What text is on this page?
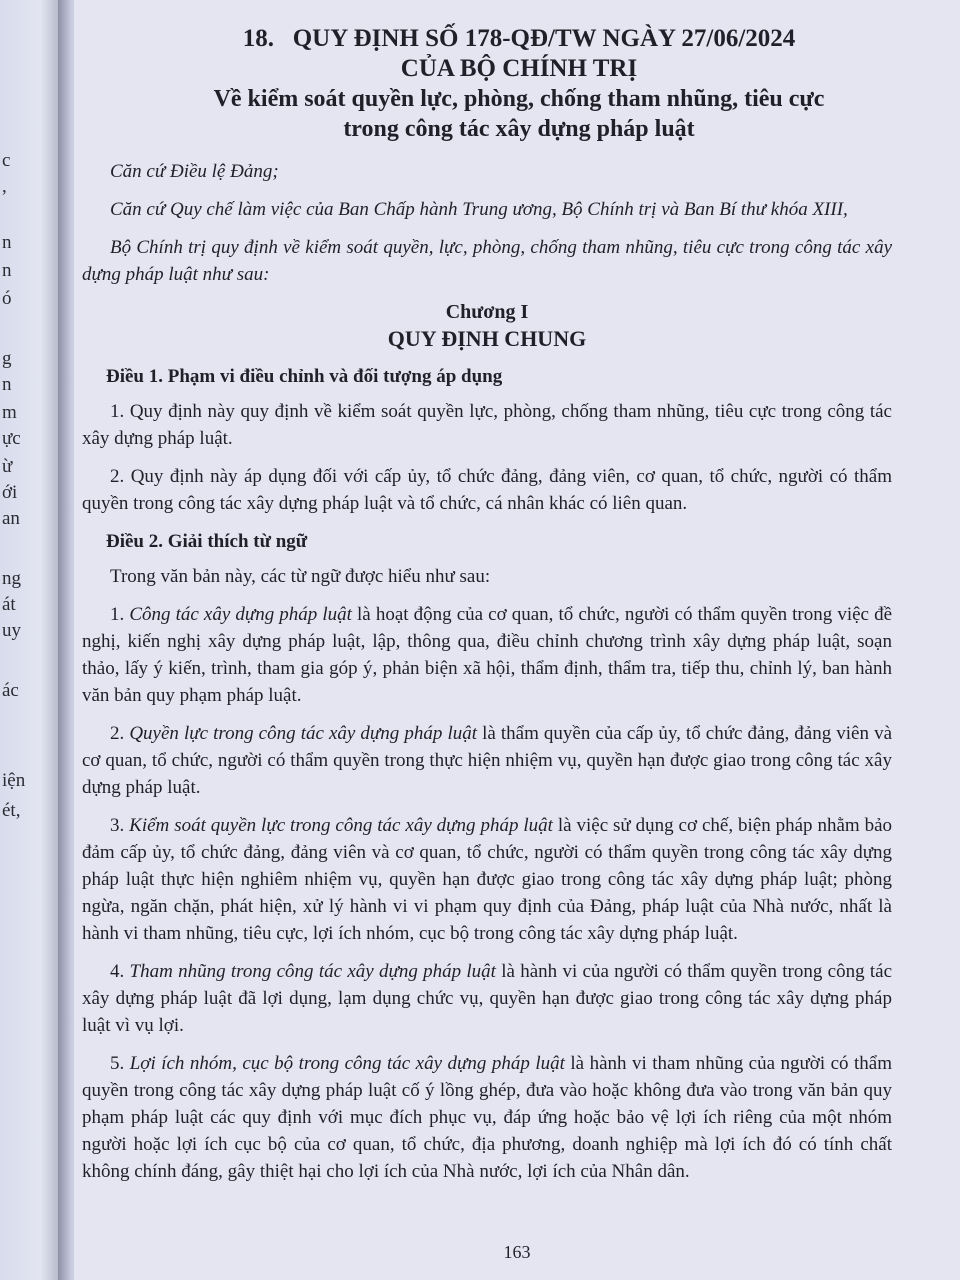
c
,
n
n
ó
g
n
m
ực
ừ
ới
an
ng
át
uy
ác
iện
ét,
18. QUY ĐỊNH SỐ 178-QĐ/TW NGÀY 27/06/2024
CỦA BỘ CHÍNH TRỊ
Về kiểm soát quyền lực, phòng, chống tham nhũng, tiêu cực
trong công tác xây dựng pháp luật

Căn cứ Điều lệ Đảng;

Căn cứ Quy chế làm việc của Ban Chấp hành Trung ương, Bộ Chính trị và Ban Bí thư khóa XIII,

Bộ Chính trị quy định về kiểm soát quyền, lực, phòng, chống tham nhũng, tiêu cực trong công tác xây dựng pháp luật như sau:

Chương I
QUY ĐỊNH CHUNG
Điều 1. Phạm vi điều chỉnh và đối tượng áp dụng

1. Quy định này quy định về kiểm soát quyền lực, phòng, chống tham nhũng, tiêu cực trong công tác xây dựng pháp luật.

2. Quy định này áp dụng đối với cấp ủy, tổ chức đảng, đảng viên, cơ quan, tổ chức, người có thẩm quyền trong công tác xây dựng pháp luật và tổ chức, cá nhân khác có liên quan.

Điều 2. Giải thích từ ngữ

Trong văn bản này, các từ ngữ được hiểu như sau:

1. Công tác xây dựng pháp luật là hoạt động của cơ quan, tổ chức, người có thẩm quyền trong việc đề nghị, kiến nghị xây dựng pháp luật, lập, thông qua, điều chỉnh chương trình xây dựng pháp luật, soạn thảo, lấy ý kiến, trình, tham gia góp ý, phản biện xã hội, thẩm định, thẩm tra, tiếp thu, chỉnh lý, ban hành văn bản quy phạm pháp luật.

2. Quyền lực trong công tác xây dựng pháp luật là thẩm quyền của cấp ủy, tổ chức đảng, đảng viên và cơ quan, tổ chức, người có thẩm quyền trong thực hiện nhiệm vụ, quyền hạn được giao trong công tác xây dựng pháp luật.

3. Kiểm soát quyền lực trong công tác xây dựng pháp luật là việc sử dụng cơ chế, biện pháp nhằm bảo đảm cấp ủy, tổ chức đảng, đảng viên và cơ quan, tổ chức, người có thẩm quyền trong công tác xây dựng pháp luật thực hiện nghiêm nhiệm vụ, quyền hạn được giao trong công tác xây dựng pháp luật; phòng ngừa, ngăn chặn, phát hiện, xử lý hành vi vi phạm quy định của Đảng, pháp luật của Nhà nước, nhất là hành vi tham nhũng, tiêu cực, lợi ích nhóm, cục bộ trong công tác xây dựng pháp luật.

4. Tham nhũng trong công tác xây dựng pháp luật là hành vi của người có thẩm quyền trong công tác xây dựng pháp luật đã lợi dụng, lạm dụng chức vụ, quyền hạn được giao trong công tác xây dựng pháp luật vì vụ lợi.

5. Lợi ích nhóm, cục bộ trong công tác xây dựng pháp luật là hành vi tham nhũng của người có thẩm quyền trong công tác xây dựng pháp luật cố ý lồng ghép, đưa vào hoặc không đưa vào trong văn bản quy phạm pháp luật các quy định với mục đích phục vụ, đáp ứng hoặc bảo vệ lợi ích riêng của một nhóm người hoặc lợi ích cục bộ của cơ quan, tổ chức, địa phương, doanh nghiệp mà lợi ích đó có tính chất không chính đáng, gây thiệt hại cho lợi ích của Nhà nước, lợi ích của Nhân dân.

163
